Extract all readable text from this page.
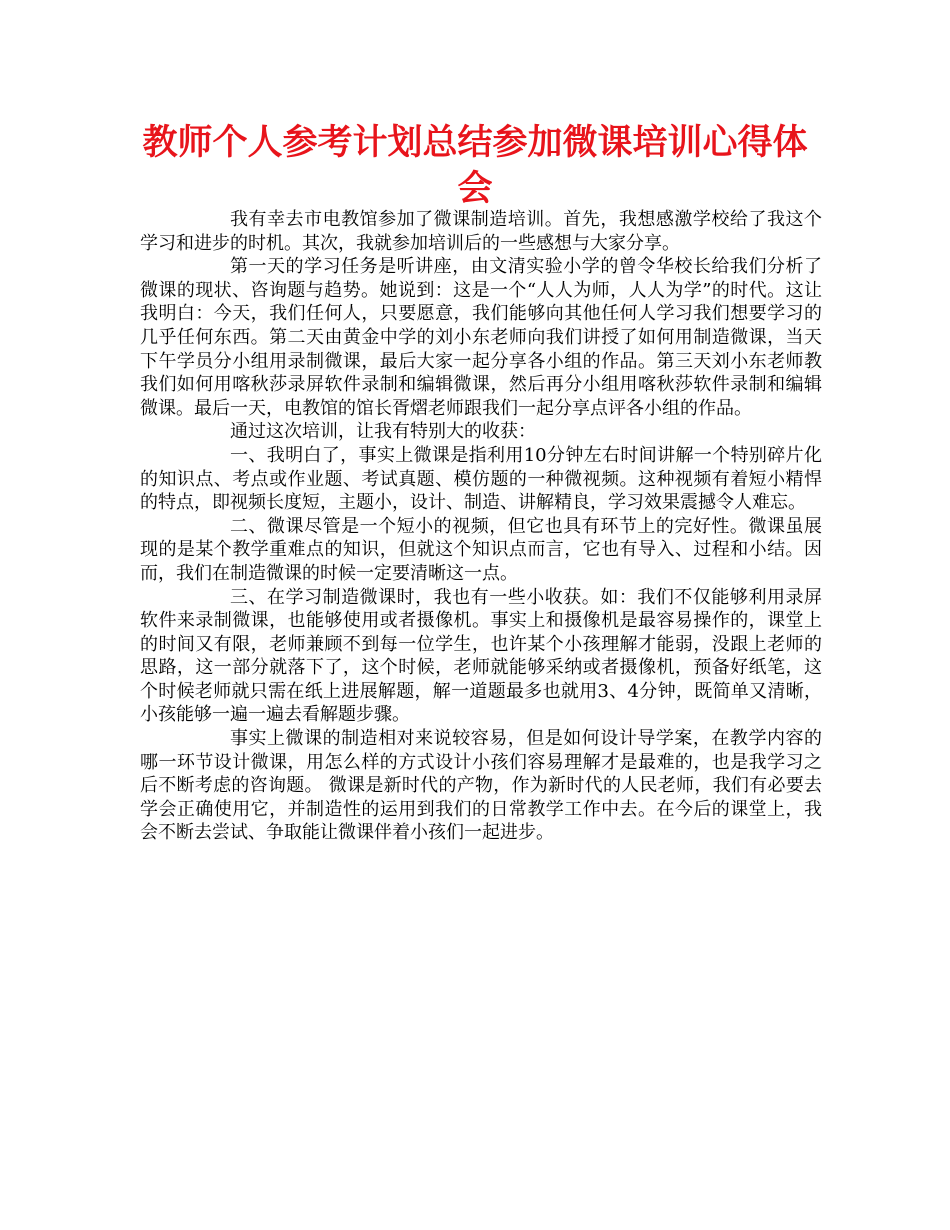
教师个人参考计划总结参加微课培训心得体会

我有幸去市电教馆参加了微课制造培训。首先，我想感激学校给了我这个学习和进步的时机。其次，我就参加培训后的一些感想与大家分享。

第一天的学习任务是听讲座，由文清实验小学的曾令华校长给我们分析了微课的现状、咨询题与趋势。她说到：这是一个“人人为师，人人为学”的时代。这让我明白：今天，我们任何人，只要愿意，我们能够向其他任何人学习我们想要学习的几乎任何东西。第二天由黄金中学的刘小东老师向我们讲授了如何用制造微课，当天下午学员分小组用录制微课，最后大家一起分享各小组的作品。第三天刘小东老师教我们如何用喀秋莎录屏软件录制和编辑微课，然后再分小组用喀秋莎软件录制和编辑微课。最后一天，电教馆的馆长胥熠老师跟我们一起分享点评各小组的作品。

通过这次培训，让我有特别大的收获：

一、我明白了，事实上微课是指利用10分钟左右时间讲解一个特别碎片化的知识点、考点或作业题、考试真题、模仿题的一种微视频。这种视频有着短小精悍的特点，即视频长度短，主题小，设计、制造、讲解精良，学习效果震撼令人难忘。

二、微课尽管是一个短小的视频，但它也具有环节上的完好性。微课虽展现的是某个教学重难点的知识，但就这个知识点而言，它也有导入、过程和小结。因而，我们在制造微课的时候一定要清晰这一点。

三、在学习制造微课时，我也有一些小收获。如：我们不仅能够利用录屏软件来录制微课，也能够使用或者摄像机。事实上和摄像机是最容易操作的，课堂上的时间又有限，老师兼顾不到每一位学生，也许某个小孩理解才能弱，没跟上老师的思路，这一部分就落下了，这个时候，老师就能够采纳或者摄像机，预备好纸笔，这个时候老师就只需在纸上进展解题，解一道题最多也就用3、4分钟，既简单又清晰，小孩能够一遍一遍去看解题步骤。

事实上微课的制造相对来说较容易，但是如何设计导学案，在教学内容的哪一环节设计微课，用怎么样的方式设计小孩们容易理解才是最难的，也是我学习之后不断考虑的咨询题。 微课是新时代的产物，作为新时代的人民老师，我们有必要去学会正确使用它，并制造性的运用到我们的日常教学工作中去。在今后的课堂上，我会不断去尝试、争取能让微课伴着小孩们一起进步。
